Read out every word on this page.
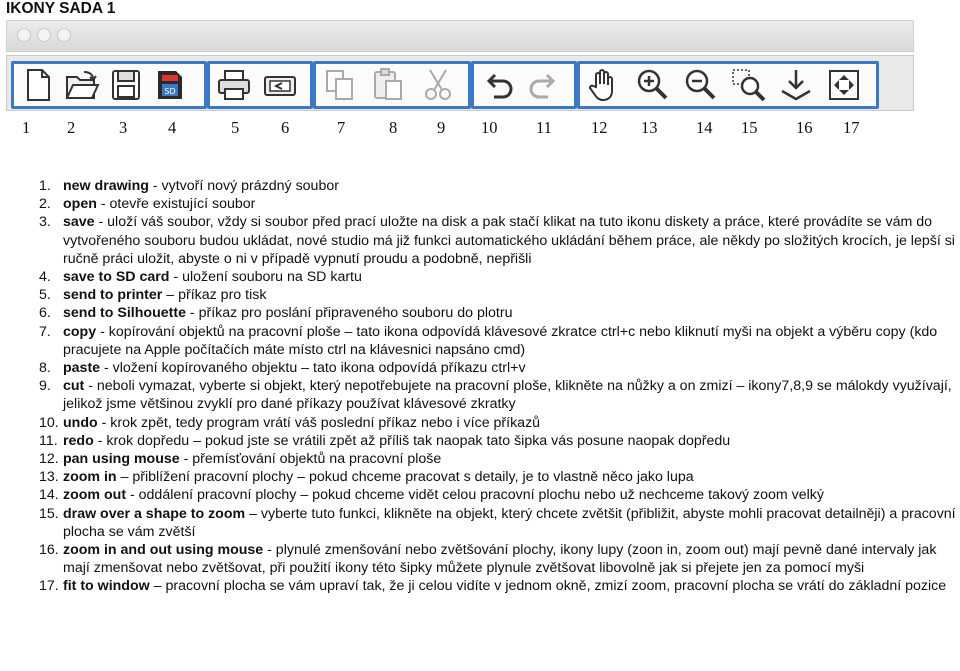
IKONY SADA 1
SD
1 2	3 4	5	6	7	8 9 10 11 12 13 14 15 16 17
1. new drawing - vytvoří nový prázdný soubor
2. open - otevře existující soubor
3. save - uloží váš soubor, vždy si soubor před prací uložte na disk a pak stačí klikat na tuto ikonu diskety a práce, které provádíte se vám do vytvořeného souboru budou ukládat, nové studio má již funkci automatického ukládání během práce, ale někdy po složitých krocích, je lepší si ručně práci uložit, abyste o ni v případě vypnutí proudu a podobně, nepřišli
4. save to SD card - uložení souboru na SD kartu
5. send to printer – příkaz pro tisk
6. send to Silhouette - příkaz pro poslání připraveného souboru do plotru
7. copy - kopírování objektů na pracovní ploše – tato ikona odpovídá klávesové zkratce ctrl+c nebo kliknutí myši na objekt a výběru copy (kdo pracujete na Apple počítačích máte místo ctrl na klávesnici napsáno cmd)
8. paste - vložení kopírovaného objektu – tato ikona odpovídá příkazu ctrl+v
9. cut - neboli vymazat, vyberte si objekt, který nepotřebujete na pracovní ploše, klikněte na nůžky a on zmizí – ikony7,8,9 se málokdy využívají, jelikož jsme většinou zvyklí pro dané příkazy používat klávesové zkratky
10. undo - krok zpět, tedy program vrátí váš poslední příkaz nebo i více příkazů
11. redo - krok dopředu – pokud jste se vrátili zpět až příliš tak naopak tato šipka vás posune naopak dopředu
12. pan using mouse - přemísťování objektů na pracovní ploše
13. zoom in – přiblížení pracovní plochy – pokud chceme pracovat s detaily, je to vlastně něco jako lupa
14. zoom out - oddálení pracovní plochy – pokud chceme vidět celou pracovní plochu nebo už nechceme takový zoom velký
15. draw over a shape to zoom – vyberte tuto funkci, klikněte na objekt, který chcete zvětšit (přibližit, abyste mohli pracovat detailněji) a pracovní plocha se vám zvětší
16. zoom in and out using mouse - plynulé zmenšování nebo zvětšování plochy, ikony lupy (zoon in, zoom out) mají pevně dané intervaly jak mají zmenšovat nebo zvětšovat, při použití ikony této šipky můžete plynule zvětšovat libovolně jak si přejete jen za pomocí myši
17. fit to window – pracovní plocha se vám upraví tak, že ji celou vidíte v jednom okně, zmizí zoom, pracovní plocha se vrátí do základní pozice
